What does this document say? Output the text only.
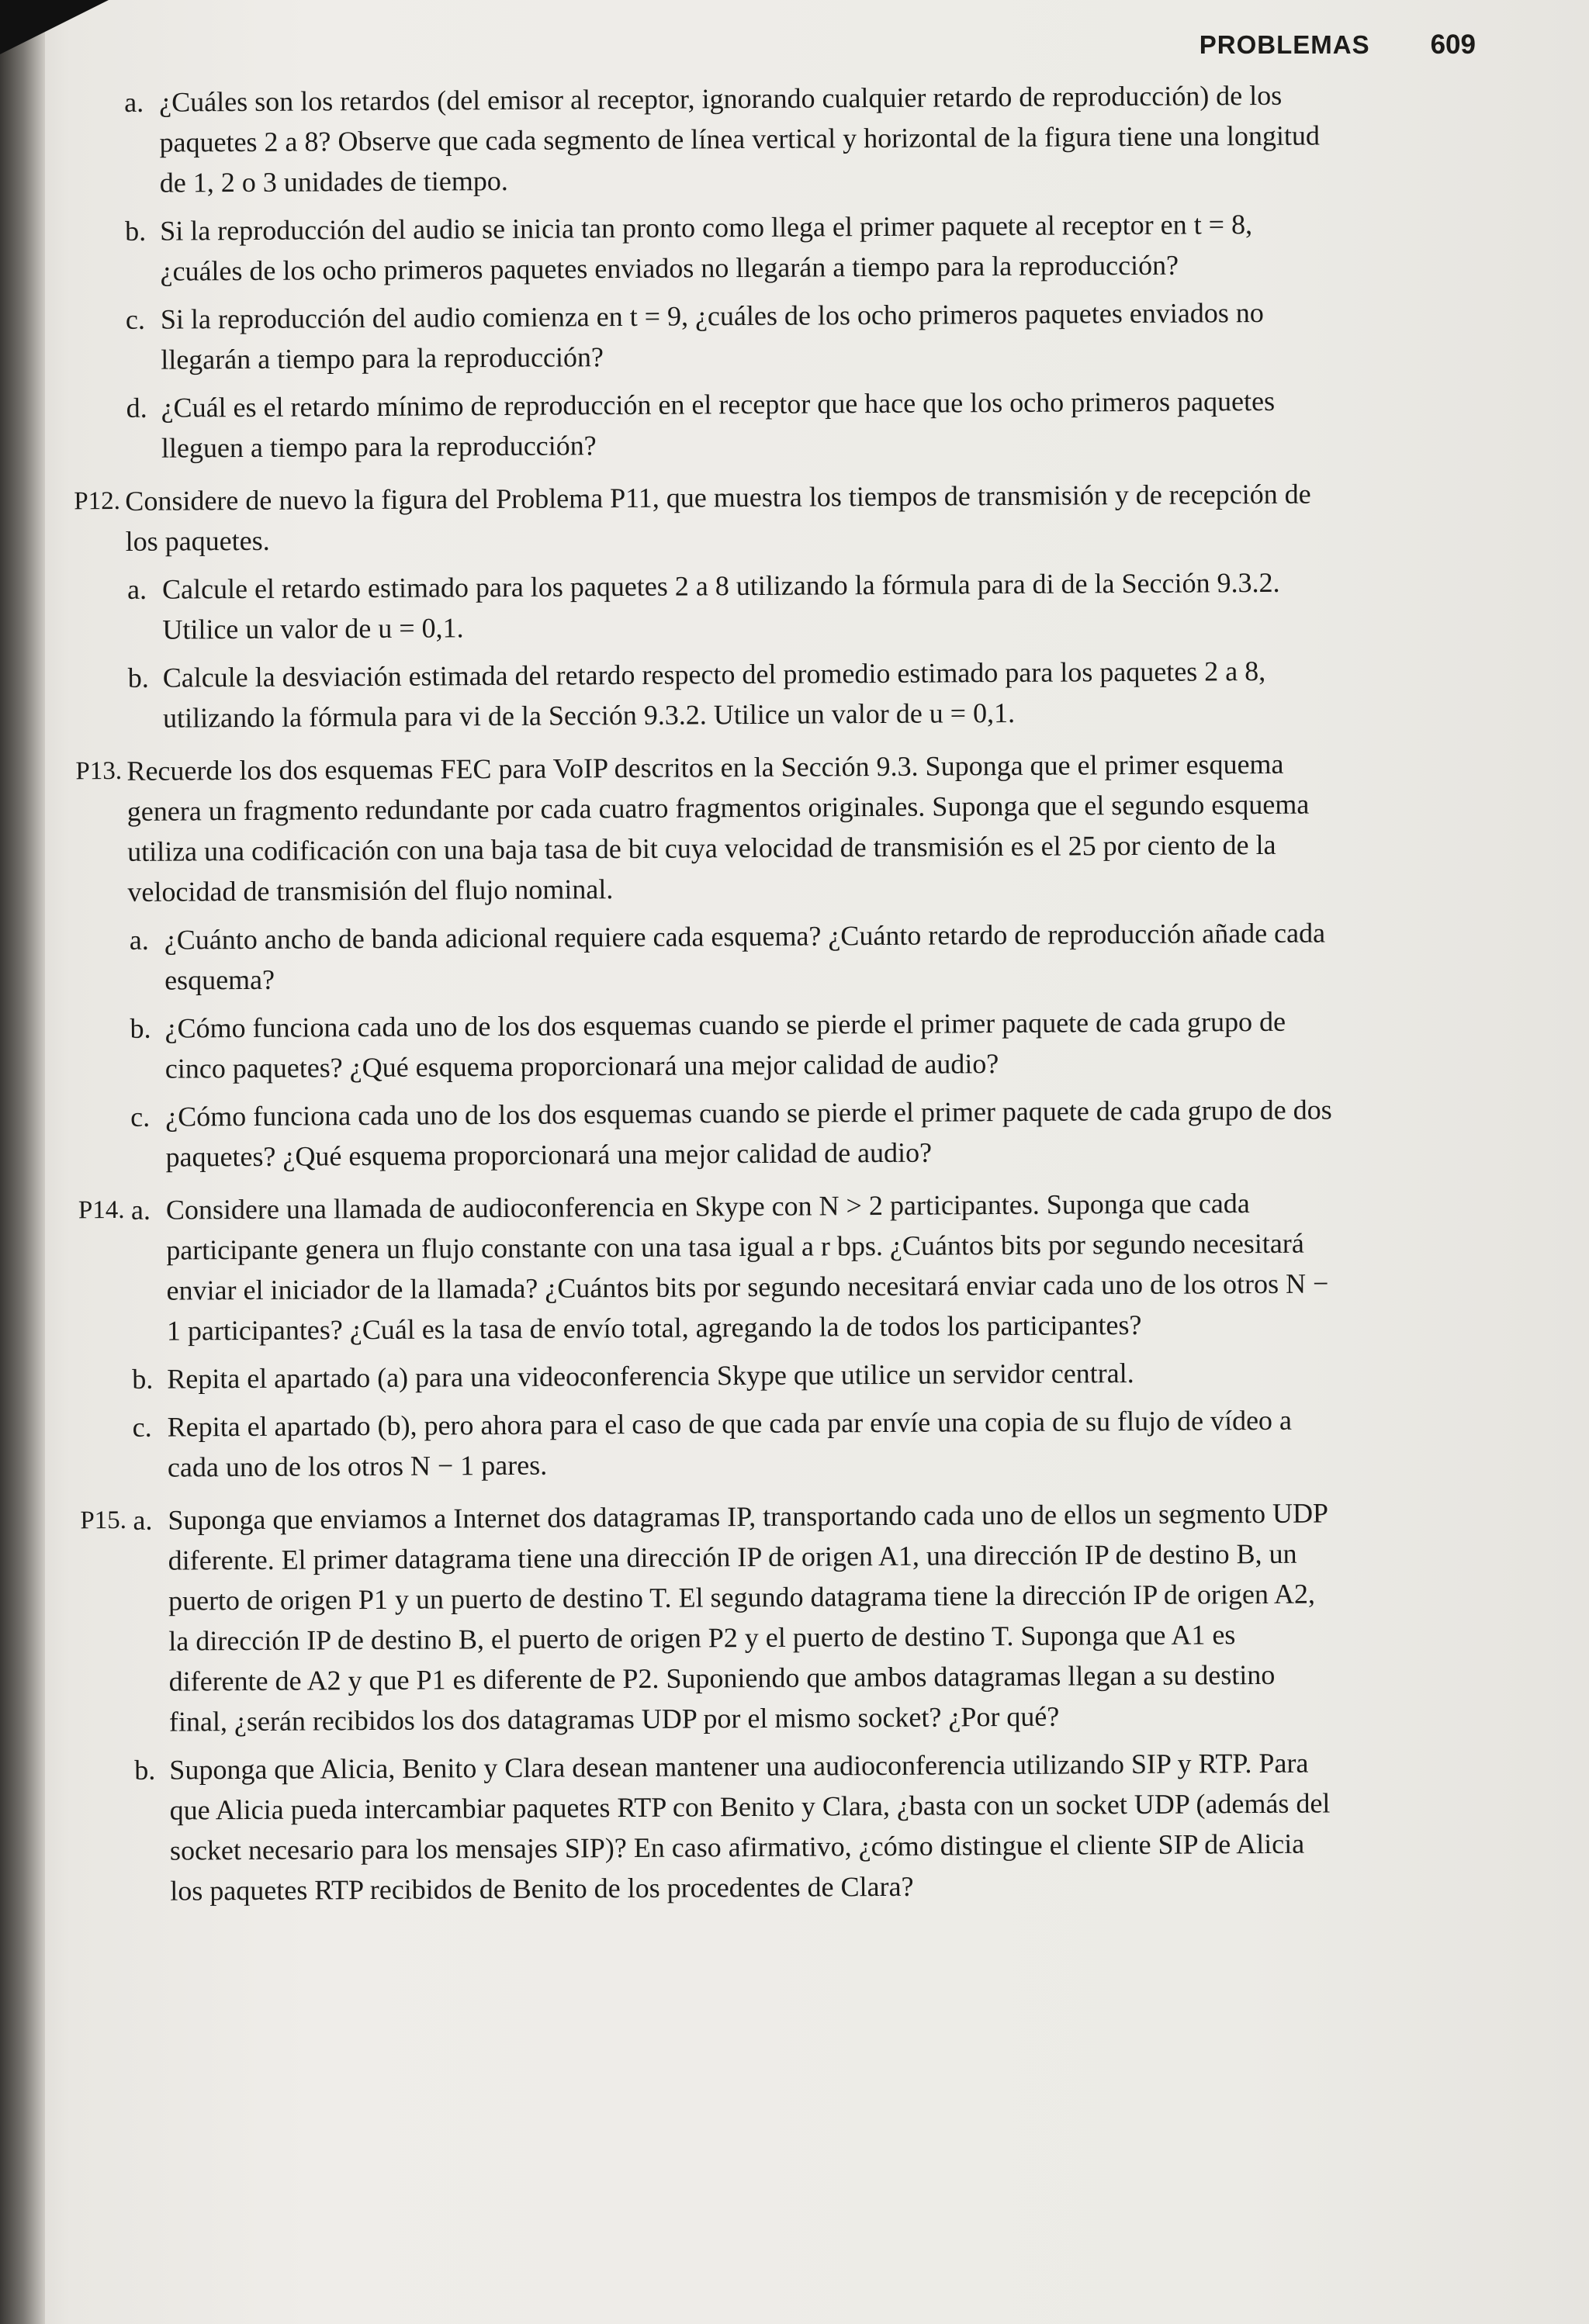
PROBLEMAS 609
a. ¿Cuáles son los retardos (del emisor al receptor, ignorando cualquier retardo de reproducción) de los paquetes 2 a 8? Observe que cada segmento de línea vertical y horizontal de la figura tiene una longitud de 1, 2 o 3 unidades de tiempo.
b. Si la reproducción del audio se inicia tan pronto como llega el primer paquete al receptor en t = 8, ¿cuáles de los ocho primeros paquetes enviados no llegarán a tiempo para la reproducción?
c. Si la reproducción del audio comienza en t = 9, ¿cuáles de los ocho primeros paquetes enviados no llegarán a tiempo para la reproducción?
d. ¿Cuál es el retardo mínimo de reproducción en el receptor que hace que los ocho primeros paquetes lleguen a tiempo para la reproducción?
P12. Considere de nuevo la figura del Problema P11, que muestra los tiempos de transmisión y de recepción de los paquetes.
a. Calcule el retardo estimado para los paquetes 2 a 8 utilizando la fórmula para di de la Sección 9.3.2. Utilice un valor de u = 0,1.
b. Calcule la desviación estimada del retardo respecto del promedio estimado para los paquetes 2 a 8, utilizando la fórmula para vi de la Sección 9.3.2. Utilice un valor de u = 0,1.
P13. Recuerde los dos esquemas FEC para VoIP descritos en la Sección 9.3. Suponga que el primer esquema genera un fragmento redundante por cada cuatro fragmentos originales. Suponga que el segundo esquema utiliza una codificación con una baja tasa de bit cuya velocidad de transmisión es el 25 por ciento de la velocidad de transmisión del flujo nominal.
a. ¿Cuánto ancho de banda adicional requiere cada esquema? ¿Cuánto retardo de reproducción añade cada esquema?
b. ¿Cómo funciona cada uno de los dos esquemas cuando se pierde el primer paquete de cada grupo de cinco paquetes? ¿Qué esquema proporcionará una mejor calidad de audio?
c. ¿Cómo funciona cada uno de los dos esquemas cuando se pierde el primer paquete de cada grupo de dos paquetes? ¿Qué esquema proporcionará una mejor calidad de audio?
P14. a. Considere una llamada de audioconferencia en Skype con N > 2 participantes. Suponga que cada participante genera un flujo constante con una tasa igual a r bps. ¿Cuántos bits por segundo necesitará enviar el iniciador de la llamada? ¿Cuántos bits por segundo necesitará enviar cada uno de los otros N − 1 participantes? ¿Cuál es la tasa de envío total, agregando la de todos los participantes?
b. Repita el apartado (a) para una videoconferencia Skype que utilice un servidor central.
c. Repita el apartado (b), pero ahora para el caso de que cada par envíe una copia de su flujo de vídeo a cada uno de los otros N − 1 pares.
P15. a. Suponga que enviamos a Internet dos datagramas IP, transportando cada uno de ellos un segmento UDP diferente. El primer datagrama tiene una dirección IP de origen A1, una dirección IP de destino B, un puerto de origen P1 y un puerto de destino T. El segundo datagrama tiene la dirección IP de origen A2, la dirección IP de destino B, el puerto de origen P2 y el puerto de destino T. Suponga que A1 es diferente de A2 y que P1 es diferente de P2. Suponiendo que ambos datagramas llegan a su destino final, ¿serán recibidos los dos datagramas UDP por el mismo socket? ¿Por qué?
b. Suponga que Alicia, Benito y Clara desean mantener una audioconferencia utilizando SIP y RTP. Para que Alicia pueda intercambiar paquetes RTP con Benito y Clara, ¿basta con un socket UDP (además del socket necesario para los mensajes SIP)? En caso afirmativo, ¿cómo distingue el cliente SIP de Alicia los paquetes RTP recibidos de Benito de los procedentes de Clara?
